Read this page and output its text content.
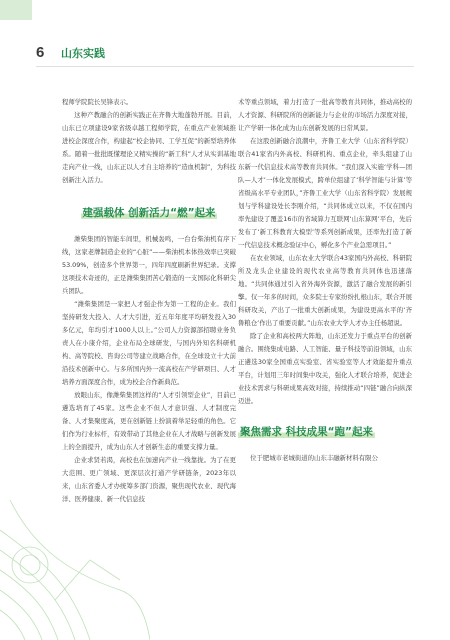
6 山东实践

程师学院院长吴锋表示。

这种产教融合的创新实践正在齐鲁大地蓬勃开展。目前，山东已立项建设9家省级卓越工程师学院，在重点产业领域推进校企深度合作，构建起“校企协同、工学互促”的新型培养体系。随着一批批既懂理论又精实操的“新工科”人才从实训基地走向产业一线，山东正以人才自主培养的“造血机制”，为科技创新注入活力。

建强载体 创新活力“燃”起来

潍柴集团的智能车间里，机械轰鸣，一台台柴油机有序下线，这家老牌制造企业的“心脏”——柴油机本体热效率已突破53.09%，创造多个世界第一，四年四度刷新世界纪录。支撑这项技术奇迹的，正是潍柴集团苦心锻造的一支国际化科研尖兵团队。

“潍柴集团是一家把人才强企作为第一工程的企业。我们坚持研发大投入、人才大引进，近五年年度平均研发投入30多亿元，年均引才1000人以上。”公司人力资源部招聘业务负责人在小康介绍，企业布局全球研发，与国内外知名科研机构、高等院校、咨询公司等建立战略合作，在全球设立十大前沿技术创新中心。与多所国内外一流高校在产学研项目、人才培养方面深度合作，成为校企合作新典范。

放眼山东，像潍柴集团这样的“人才引领型企业”，目前已遴选培育了45家。这些企业不但人才意识强、人才制度完备、人才集聚度高，更在创新链上扮演着举足轻重的角色。它们作为行业标杆，有效带动了其他企业在人才战略与创新发展上的全面提升，成为山东人才创新生态的重要支撑力量。

企业求贤若渴，高校也在加速向产业一线靠拢。为了在更大范围、更广领域、更深层次打通产学研链条，2023年以来，山东省委人才办统筹多部门资源，聚焦现代农业、现代海洋、医养健康、新一代信息技

术等重点领域，着力打造了一批高等教育共同体，推动高校的人才资源、科研院所的创新能力与企业的市场活力深度对接，让产学研一体化成为山东创新发展的日常风景。

在这股创新融合浪潮中，齐鲁工业大学（山东省科学院）联合41家省内外高校、科研机构、重点企业，牵头组建了山东新一代信息技术高等教育共同体。“我们深入实施‘学科—团队—人才’一体化发展模式，跨单位组建了‘科学智能与计算’等省级高水平专业团队，”齐鲁工业大学（山东省科学院）发展规划与学科建设处长李刚介绍，“共同体成立以来，不仅在国内率先建设了覆盖16市的省域算力互联网‘山东算网’平台，先后发布了‘新工科教育大模型’等系列创新成果，还率先打造了新一代信息技术概念验证中心，孵化多个产业急需项目。”

在农业领域，山东农业大学联合43家国内外高校、科研院所及龙头企业建设的现代农业高等教育共同体也迅速落地。“共同体通过引入省外海外资源，激活了融合发展的新引擎。仅一年多的时间，众多院士专家纷纷扎根山东，联合开展科研攻关，产出了一批重大创新成果，为建设更高水平的‘齐鲁粮仓’作出了重要贡献。”山东农业大学人才办主任杨超说。

除了企业和高校两大阵地，山东还发力于重点平台的创新融合。围绕集成电路、人工智能、量子科技等前沿领域，山东正遴选30家全国重点实验室、省实验室等人才效能提升重点平台，计划用三年时间集中攻关，强化人才联合培养，促进企业技术需求与科研成果高效对接，持续推动“四链”融合向纵深迈进。

聚焦需求 科技成果“跑”起来

位于肥城市老城街道的山东丰融新材料有限公
